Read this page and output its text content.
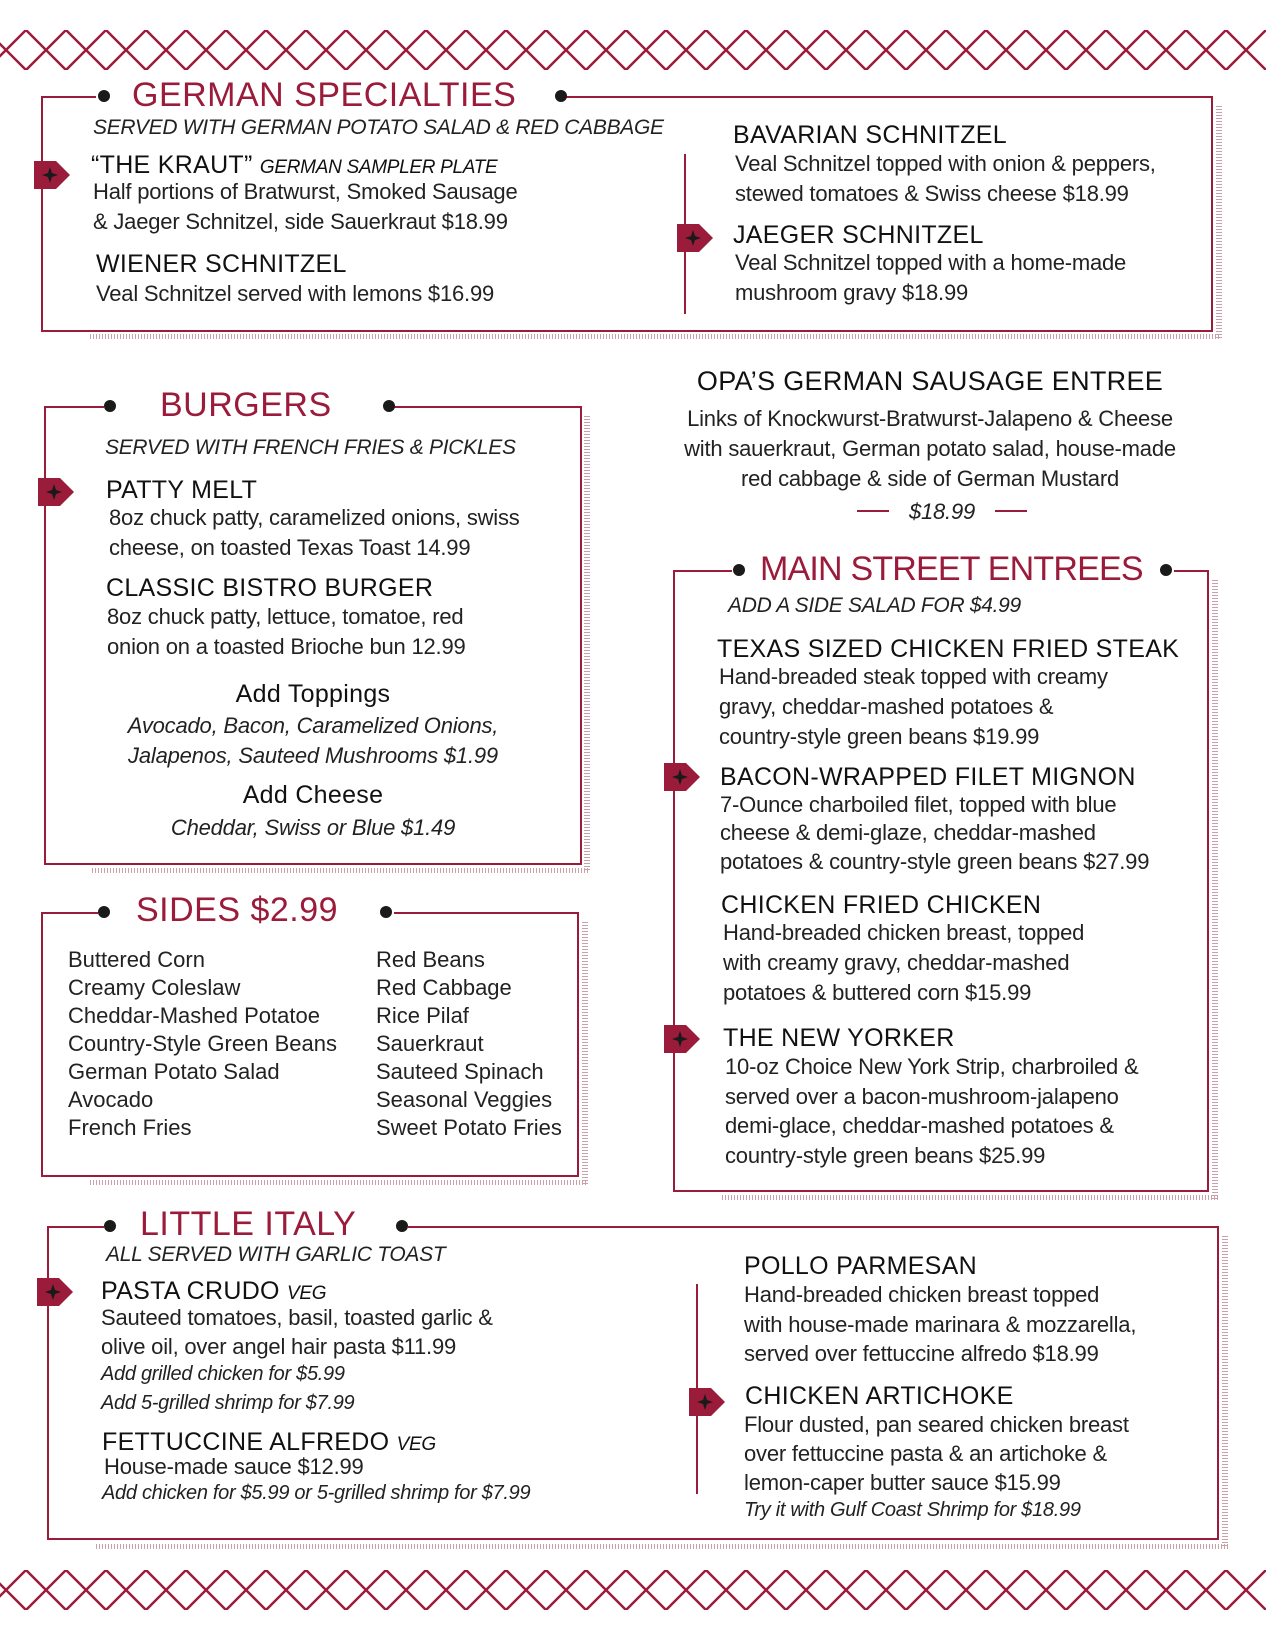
GERMAN SPECIALTIES
SERVED WITH GERMAN POTATO SALAD & RED CABBAGE
“THE KRAUT” GERMAN SAMPLER PLATE
Half portions of Bratwurst, Smoked Sausage
& Jaeger Schnitzel, side Sauerkraut $18.99
WIENER SCHNITZEL
Veal Schnitzel served with lemons $16.99
BAVARIAN SCHNITZEL
Veal Schnitzel topped with onion & peppers,
stewed tomatoes & Swiss cheese $18.99
JAEGER SCHNITZEL
Veal Schnitzel topped with a home-made
mushroom gravy $18.99
BURGERS
SERVED WITH FRENCH FRIES & PICKLES
PATTY MELT
8oz chuck patty, caramelized onions, swiss
cheese, on toasted Texas Toast 14.99
CLASSIC BISTRO BURGER
8oz chuck patty, lettuce, tomatoe, red
onion on a toasted Brioche bun 12.99
Add Toppings
Avocado, Bacon, Caramelized Onions,
Jalapenos, Sauteed Mushrooms $1.99
Add Cheese
Cheddar, Swiss or Blue $1.49
OPA’S GERMAN SAUSAGE ENTREE
Links of Knockwurst-Bratwurst-Jalapeno & Cheese
with sauerkraut, German potato salad, house-made
red cabbage & side of German Mustard
$18.99
SIDES $2.99
Buttered Corn
Creamy Coleslaw
Cheddar-Mashed Potatoe
Country-Style Green Beans
German Potato Salad
Avocado
French Fries
Red Beans
Red Cabbage
Rice Pilaf
Sauerkraut
Sauteed Spinach
Seasonal Veggies
Sweet Potato Fries
MAIN STREET ENTREES
ADD A SIDE SALAD FOR $4.99
TEXAS SIZED CHICKEN FRIED STEAK
Hand-breaded steak topped with creamy
gravy, cheddar-mashed potatoes &
country-style green beans $19.99
BACON-WRAPPED FILET MIGNON
7-Ounce charboiled filet, topped with blue
cheese & demi-glaze, cheddar-mashed
potatoes & country-style green beans $27.99
CHICKEN FRIED CHICKEN
Hand-breaded chicken breast, topped
with creamy gravy, cheddar-mashed
potatoes & buttered corn $15.99
THE NEW YORKER
10-oz Choice New York Strip, charbroiled &
served over a bacon-mushroom-jalapeno
demi-glace, cheddar-mashed potatoes &
country-style green beans $25.99
LITTLE ITALY
ALL SERVED WITH GARLIC TOAST
PASTA CRUDO VEG
Sauteed tomatoes, basil, toasted garlic &
olive oil, over angel hair pasta $11.99
Add grilled chicken for $5.99
Add 5-grilled shrimp for $7.99
FETTUCCINE ALFREDO VEG
House-made sauce $12.99
Add chicken for $5.99 or 5-grilled shrimp for $7.99
POLLO PARMESAN
Hand-breaded chicken breast topped
with house-made marinara & mozzarella,
served over fettuccine alfredo $18.99
CHICKEN ARTICHOKE
Flour dusted, pan seared chicken breast
over fettuccine pasta & an artichoke &
lemon-caper butter sauce $15.99
Try it with Gulf Coast Shrimp for $18.99
